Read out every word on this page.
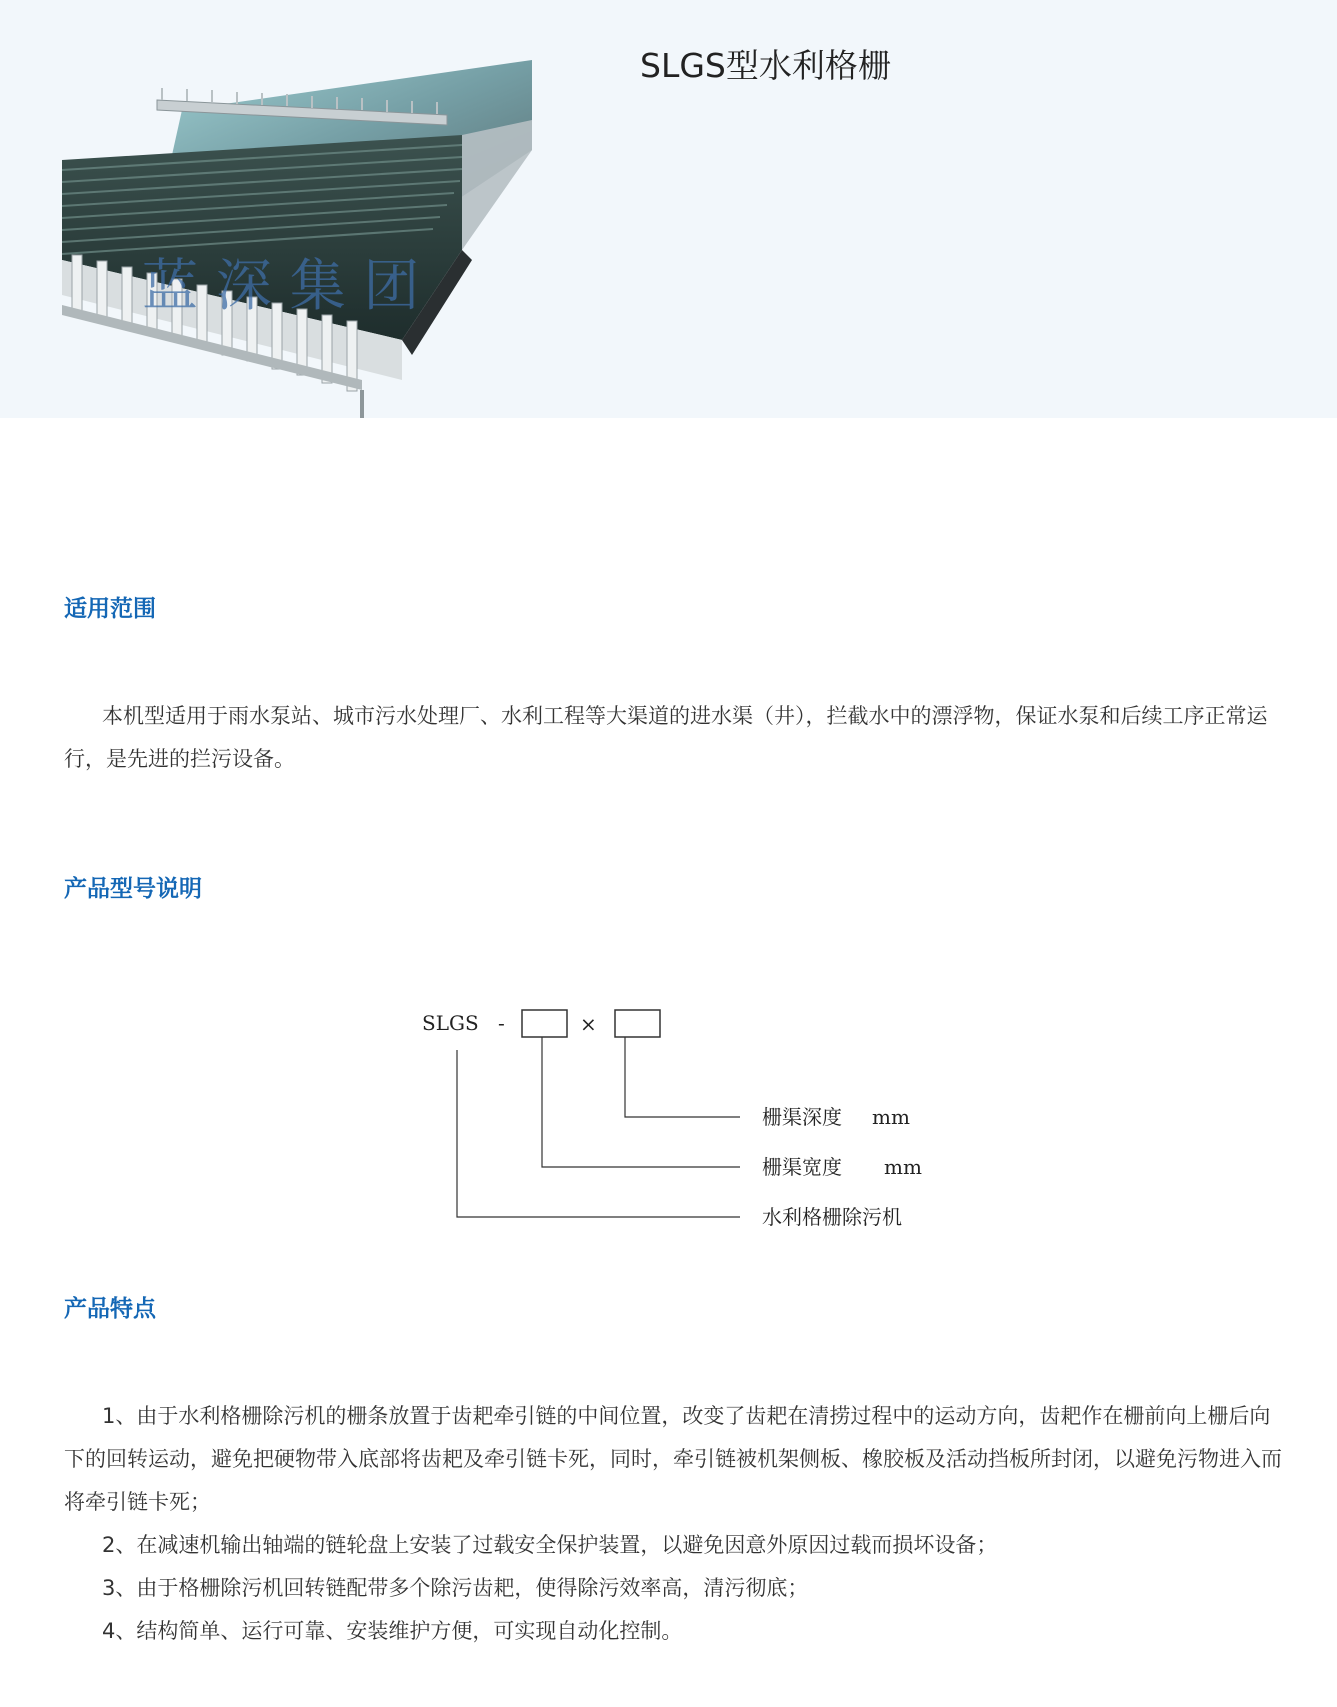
蓝 深 集 团
SLGS型水利格栅
适用范围

本机型适用于雨水泵站、城市污水处理厂、水利工程等大渠道的进水渠（井），拦截水中的漂浮物，保证水泵和后续工序正常运行，是先进的拦污设备。

产品型号说明
SLGS -	×
栅渠深度 mm
栅渠宽度 mm
水利格栅除污机
产品特点

1、由于水利格栅除污机的栅条放置于齿耙牵引链的中间位置，改变了齿耙在清捞过程中的运动方向，齿耙作在栅前向上栅后向下的回转运动，避免把硬物带入底部将齿耙及牵引链卡死，同时，牵引链被机架侧板、橡胶板及活动挡板所封闭，以避免污物进入而将牵引链卡死；

2、在减速机输出轴端的链轮盘上安装了过载安全保护装置，以避免因意外原因过载而损坏设备；

3、由于格栅除污机回转链配带多个除污齿耙，使得除污效率高，清污彻底；

4、结构简单、运行可靠、安装维护方便，可实现自动化控制。
